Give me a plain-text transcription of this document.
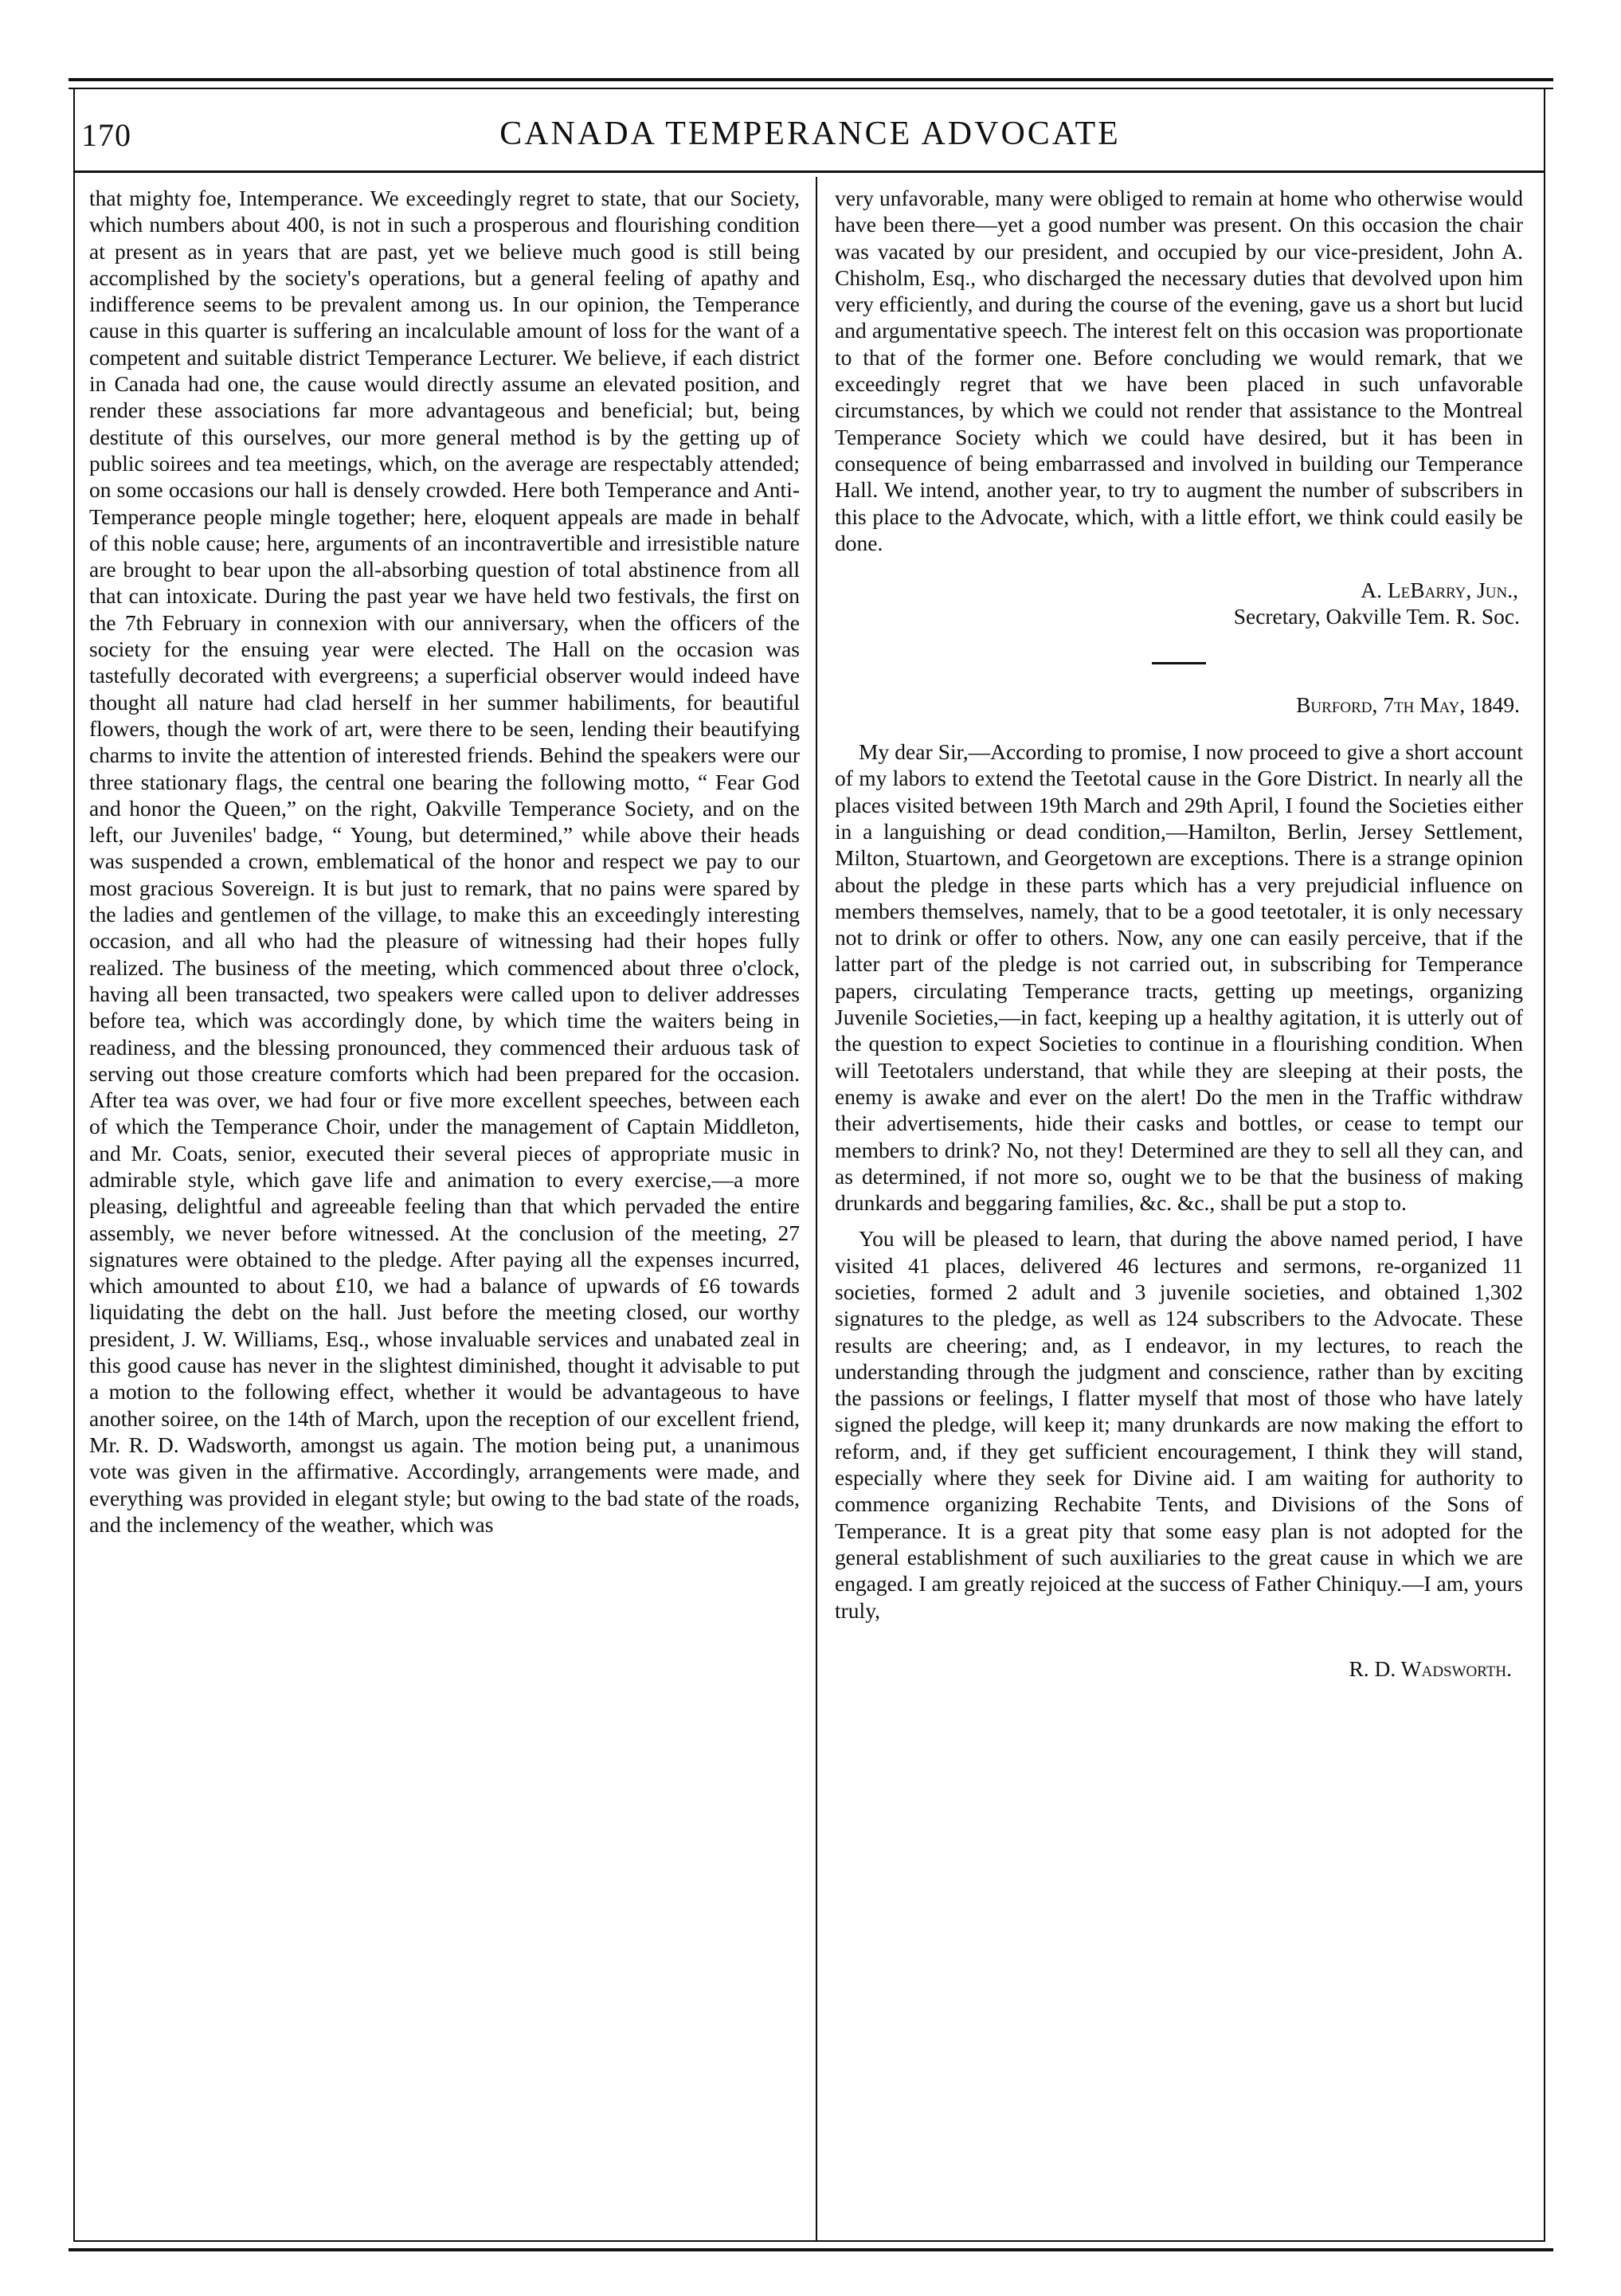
170	CANADA TEMPERANCE ADVOCATE

that mighty foe, Intemperance. We exceedingly regret to state, that our Society, which numbers about 400, is not in such a prosperous and flourishing condition at present as in years that are past, yet we believe much good is still being accomplished by the society's operations, but a general feeling of apathy and indifference seems to be prevalent among us. In our opinion, the Temperance cause in this quarter is suffering an incalculable amount of loss for the want of a competent and suitable district Temperance Lecturer. We believe, if each district in Canada had one, the cause would directly assume an elevated position, and render these associations far more advantageous and beneficial; but, being destitute of this ourselves, our more general method is by the getting up of public soirees and tea meetings, which, on the average are respectably attended; on some occasions our hall is densely crowded. Here both Temperance and Anti-Temperance people mingle together; here, eloquent appeals are made in behalf of this noble cause; here, arguments of an incontravertible and irresistible nature are brought to bear upon the all-absorbing question of total abstinence from all that can intoxicate. During the past year we have held two festivals, the first on the 7th February in connexion with our anniversary, when the officers of the society for the ensuing year were elected. The Hall on the occasion was tastefully decorated with evergreens; a superficial observer would indeed have thought all nature had clad herself in her summer habiliments, for beautiful flowers, though the work of art, were there to be seen, lending their beautifying charms to invite the attention of interested friends. Behind the speakers were our three stationary flags, the central one bearing the following motto, “ Fear God and honor the Queen,” on the right, Oakville Temperance Society, and on the left, our Juveniles' badge, “ Young, but determined,” while above their heads was suspended a crown, emblematical of the honor and respect we pay to our most gracious Sovereign. It is but just to remark, that no pains were spared by the ladies and gentlemen of the village, to make this an exceedingly interesting occasion, and all who had the pleasure of witnessing had their hopes fully realized. The business of the meeting, which commenced about three o'clock, having all been transacted, two speakers were called upon to deliver addresses before tea, which was accordingly done, by which time the waiters being in readiness, and the blessing pronounced, they commenced their arduous task of serving out those creature comforts which had been prepared for the occasion. After tea was over, we had four or five more excellent speeches, between each of which the Temperance Choir, under the management of Captain Middleton, and Mr. Coats, senior, executed their several pieces of appropriate music in admirable style, which gave life and animation to every exercise,—a more pleasing, delightful and agreeable feeling than that which pervaded the entire assembly, we never before witnessed. At the conclusion of the meeting, 27 signatures were obtained to the pledge. After paying all the expenses incurred, which amounted to about £10, we had a balance of upwards of £6 towards liquidating the debt on the hall. Just before the meeting closed, our worthy president, J. W. Williams, Esq., whose invaluable services and unabated zeal in this good cause has never in the slightest diminished, thought it advisable to put a motion to the following effect, whether it would be advantageous to have another soiree, on the 14th of March, upon the reception of our excellent friend, Mr. R. D. Wadsworth, amongst us again. The motion being put, a unanimous vote was given in the affirmative. Accordingly, arrangements were made, and everything was provided in elegant style; but owing to the bad state of the roads, and the inclemency of the weather, which was

very unfavorable, many were obliged to remain at home who otherwise would have been there—yet a good number was present. On this occasion the chair was vacated by our president, and occupied by our vice-president, John A. Chisholm, Esq., who discharged the necessary duties that devolved upon him very efficiently, and during the course of the evening, gave us a short but lucid and argumentative speech. The interest felt on this occasion was proportionate to that of the former one. Before concluding we would remark, that we exceedingly regret that we have been placed in such unfavorable circumstances, by which we could not render that assistance to the Montreal Temperance Society which we could have desired, but it has been in consequence of being embarrassed and involved in building our Temperance Hall. We intend, another year, to try to augment the number of subscribers in this place to the Advocate, which, with a little effort, we think could easily be done.

A. LeBarry, Jun.,
Secretary, Oakville Tem. R. Soc.
Burford, 7th May, 1849.

My dear Sir,—According to promise, I now proceed to give a short account of my labors to extend the Teetotal cause in the Gore District. In nearly all the places visited between 19th March and 29th April, I found the Societies either in a languishing or dead condition,—Hamilton, Berlin, Jersey Settlement, Milton, Stuartown, and Georgetown are exceptions. There is a strange opinion about the pledge in these parts which has a very prejudicial influence on members themselves, namely, that to be a good teetotaler, it is only necessary not to drink or offer to others. Now, any one can easily perceive, that if the latter part of the pledge is not carried out, in subscribing for Temperance papers, circulating Temperance tracts, getting up meetings, organizing Juvenile Societies,—in fact, keeping up a healthy agitation, it is utterly out of the question to expect Societies to continue in a flourishing condition. When will Teetotalers understand, that while they are sleeping at their posts, the enemy is awake and ever on the alert! Do the men in the Traffic withdraw their advertisements, hide their casks and bottles, or cease to tempt our members to drink? No, not they! Determined are they to sell all they can, and as determined, if not more so, ought we to be that the business of making drunkards and beggaring families, &c. &c., shall be put a stop to.

You will be pleased to learn, that during the above named period, I have visited 41 places, delivered 46 lectures and sermons, re-organized 11 societies, formed 2 adult and 3 juvenile societies, and obtained 1,302 signatures to the pledge, as well as 124 subscribers to the Advocate. These results are cheering; and, as I endeavor, in my lectures, to reach the understanding through the judgment and conscience, rather than by exciting the passions or feelings, I flatter myself that most of those who have lately signed the pledge, will keep it; many drunkards are now making the effort to reform, and, if they get sufficient encouragement, I think they will stand, especially where they seek for Divine aid. I am waiting for authority to commence organizing Rechabite Tents, and Divisions of the Sons of Temperance. It is a great pity that some easy plan is not adopted for the general establishment of such auxiliaries to the great cause in which we are engaged. I am greatly rejoiced at the success of Father Chiniquy.—I am, yours truly,

R. D. Wadsworth.
